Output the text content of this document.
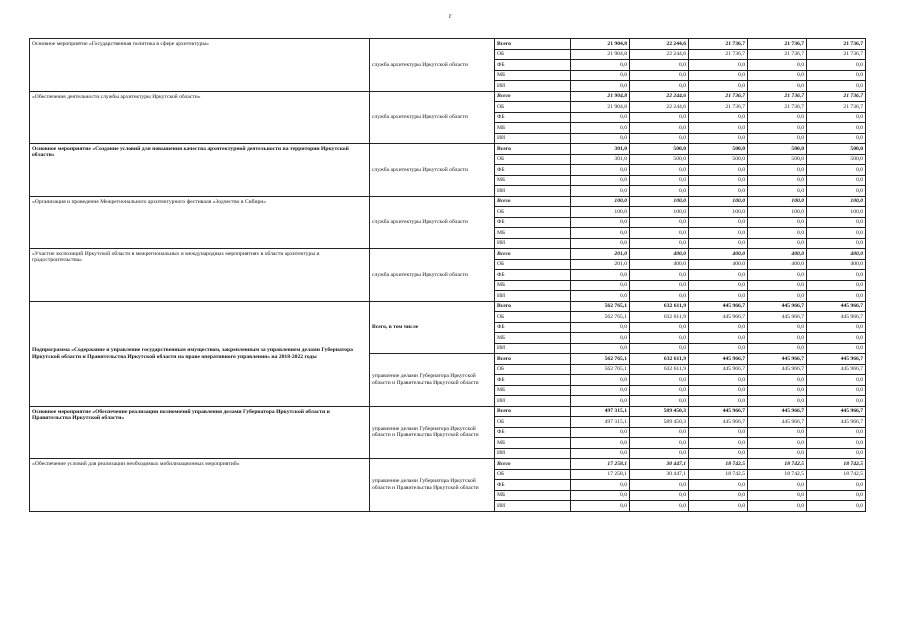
г
Основное мероприятие «Государственная политика в сфере архитектуры»	служба архитектуры Иркутской области	Всего	21 904,8	22 244,6	21 736,7	21 736,7	21 736,7
		ОБ	21 904,8	22 244,6	21 736,7	21 736,7	21 736,7
		ФБ	0,0	0,0	0,0	0,0	0,0
		МБ	0,0	0,0	0,0	0,0	0,0
		ИИ	0,0	0,0	0,0	0,0	0,0
«Обеспечение деятельности службы архитектуры Иркутской области»	служба архитектуры Иркутской области	Всего	21 904,8	22 244,6	21 736,7	21 736,7	21 736,7
		ОБ	21 904,8	22 244,6	21 736,7	21 736,7	21 736,7
		ФБ	0,0	0,0	0,0	0,0	0,0
		МБ	0,0	0,0	0,0	0,0	0,0
		ИИ	0,0	0,0	0,0	0,0	0,0
Основное мероприятие «Создание условий для повышения качества архитектурной деятельности на территории Иркутской области»	служба архитектуры Иркутской области	Всего	301,0	500,0	500,0	500,0	500,0
		ОБ	301,0	500,0	500,0	500,0	500,0
		ФБ	0,0	0,0	0,0	0,0	0,0
		МБ	0,0	0,0	0,0	0,0	0,0
		ИИ	0,0	0,0	0,0	0,0	0,0
«Организация и проведение Межрегионального архитектурного фестиваля «Зодчество в Сибири»	служба архитектуры Иркутской области	Всего	100,0	100,0	100,0	100,0	100,0
		ОБ	100,0	100,0	100,0	100,0	100,0
		ФБ	0,0	0,0	0,0	0,0	0,0
		МБ	0,0	0,0	0,0	0,0	0,0
		ИИ	0,0	0,0	0,0	0,0	0,0
«Участие экспозиций Иркутской области в межрегиональных и международных мероприятиях в области архитектуры и градостроительства»	служба архитектуры Иркутской области	Всего	201,0	400,0	400,0	400,0	400,0
		ОБ	201,0	400,0	400,0	400,0	400,0
		ФБ	0,0	0,0	0,0	0,0	0,0
		МБ	0,0	0,0	0,0	0,0	0,0
		ИИ	0,0	0,0	0,0	0,0	0,0
Подпрограмма «Содержание и управление государственным имуществом, закрепленным за управлением делами Губернатора Иркутской области и Правительства Иркутской области на праве оперативного управления» на 2018-2022 годы	Всего, в том числе	Всего	562 765,1	632 611,9	445 966,7	445 966,7	445 966,7
		ОБ	562 765,1	632 611,9	445 966,7	445 966,7	445 966,7
		ФБ	0,0	0,0	0,0	0,0	0,0
		МБ	0,0	0,0	0,0	0,0	0,0
		ИИ	0,0	0,0	0,0	0,0	0,0
	управление делами Губернатора Иркутской области и Правительства Иркутской области	Всего	562 765,1	632 611,9	445 966,7	445 966,7	445 966,7
		ОБ	562 765,1	632 611,9	445 966,7	445 966,7	445 966,7
		ФБ	0,0	0,0	0,0	0,0	0,0
		МБ	0,0	0,0	0,0	0,0	0,0
		ИИ	0,0	0,0	0,0	0,0	0,0
Основное мероприятие «Обеспечение реализации полномочий управления делами Губернатора Иркутской области и Правительства Иркутской области»	управление делами Губернатора Иркутской области и Правительства Иркутской области	Всего	497 315,1	589 450,3	445 966,7	445 966,7	445 966,7
		ОБ	497 315,1	589 450,3	445 966,7	445 966,7	445 966,7
		ФБ	0,0	0,0	0,0	0,0	0,0
		МБ	0,0	0,0	0,0	0,0	0,0
		ИИ	0,0	0,0	0,0	0,0	0,0
«Обеспечение условий для реализации необходимых мобилизационных мероприятий»	управление делами Губернатора Иркутской области и Правительства Иркутской области	Всего	17 258,1	30 447,1	18 742,5	18 742,5	18 742,5
		ОБ	17 258,1	30 447,1	18 742,5	18 742,5	18 742,5
		ФБ	0,0	0,0	0,0	0,0	0,0
		МБ	0,0	0,0	0,0	0,0	0,0
		ИИ	0,0	0,0	0,0	0,0	0,0
